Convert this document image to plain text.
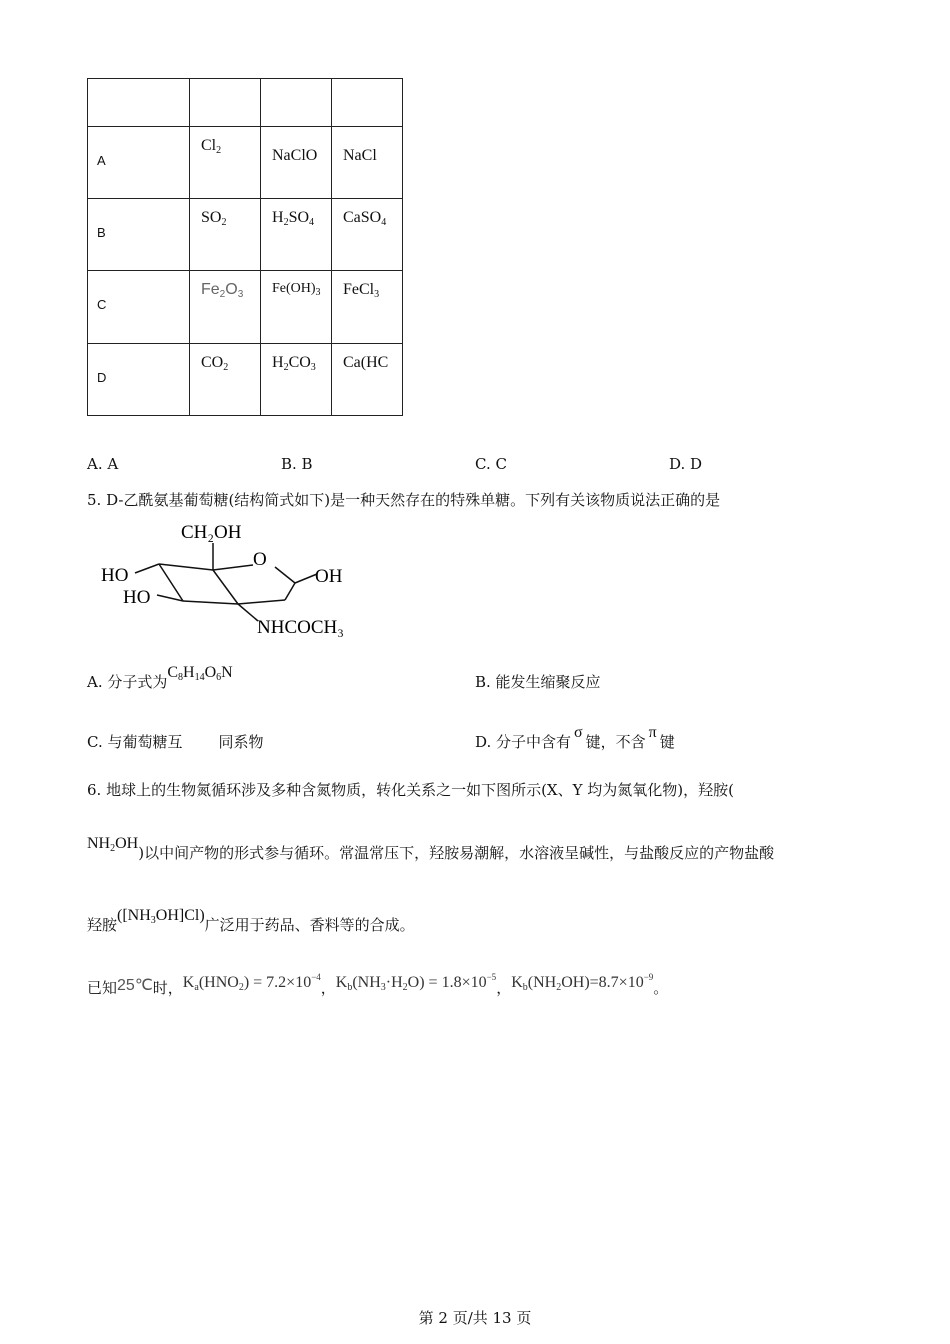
A	$Cl_2$	NaClO	NaCl

B	$SO_2$	$H_2SO_4$	CaSO$_4$

C	$Fe_2O_3$	$Fe(OH)_3$	FeCl$_3$

D	$CO_2$	$H_2CO_3$	Ca(HC
A. A	B. B	C. C	D. D
5. D-乙酰氨基葡萄糖(结构简式如下)是一种天然存在的特殊单糖。下列有关该物质说法正确的是
CH₂OH
O
HO
HO
OH
NHCOCH₃
A. 分子式为$C_8H_{14}O_6N$
B. 能发生缩聚反应
C. 与葡萄糖互 同系物	D. 分子中含有σ键，不含π键
6. 地球上的生物氮循环涉及多种含氮物质，转化关系之一如下图所示(X、Y 均为氮氧化物)，羟胺(
$NH_2OH$)以中间产物的形式参与循环。常温常压下，羟胺易潮解，水溶液呈碱性，与盐酸反应的产物盐酸
羟胺$([NH_3OH]Cl)$广泛用于药品、香料等的合成。
已知25℃时，$K_a(HNO_2) = 7.2\times 10^{-4}$，$K_b(NH_3\cdot H_2O) = 1.8\times 10^{-5}$，$K_b(NH_2OH)=8.7\times 10^{-9}$。
第 2 页/共 13 页
